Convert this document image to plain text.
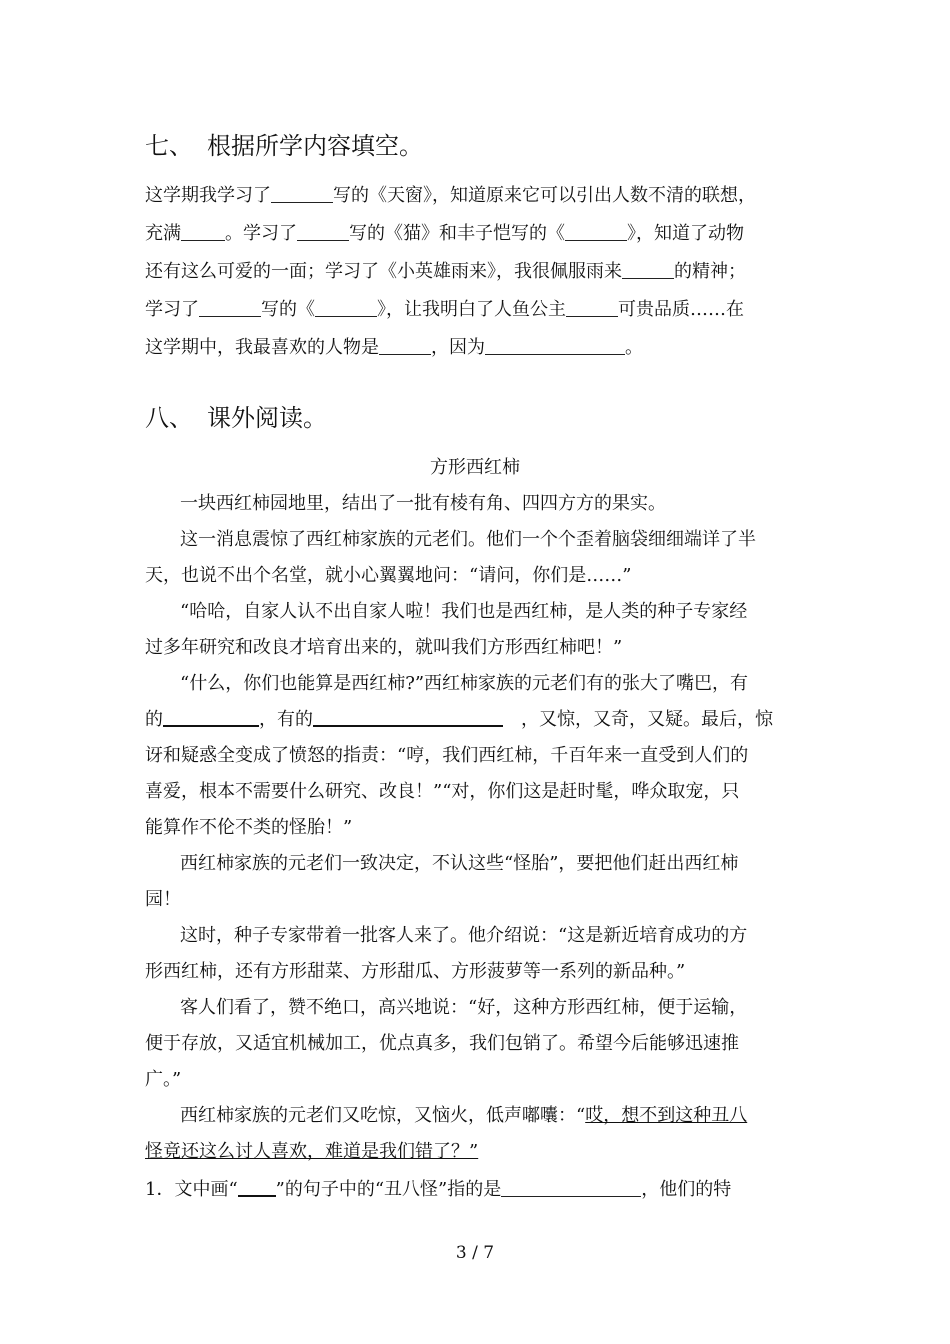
七、 根据所学内容填空。
这学期我学习了	写的《天窗》，知道原来它可以引出人数不清的联想，
充满 。学习了	写的《猫》和丰子恺写的《	》，知道了动物
还有这么可爱的一面；学习了《小英雄雨来》，我很佩服雨来	的精神；
学习了	写的《	》，让我明白了人鱼公主	可贵品质……在
这学期中，我最喜欢的人物是	，因为	。
八、 课外阅读。
方形西红柿
一块西红柿园地里，结出了一批有棱有角、四四方方的果实。
这一消息震惊了西红柿家族的元老们。他们一个个歪着脑袋细细端详了半
天，也说不出个名堂，就小心翼翼地问：“请问，你们是……”
“哈哈，自家人认不出自家人啦！我们也是西红柿，是人类的种子专家经
过多年研究和改良才培育出来的，就叫我们方形西红柿吧！”
“什么，你们也能算是西红柿?”西红柿家族的元老们有的张大了嘴巴，有
的	，有的	，又惊，又奇，又疑。最后，惊
讶和疑惑全变成了愤怒的指责：“哼，我们西红柿，千百年来一直受到人们的
喜爱，根本不需要什么研究、改良！”“对，你们这是赶时髦，哗众取宠，只
能算作不伦不类的怪胎！”
西红柿家族的元老们一致决定，不认这些“怪胎”，要把他们赶出西红柿
园！
这时，种子专家带着一批客人来了。他介绍说：“这是新近培育成功的方
形西红柿，还有方形甜菜、方形甜瓜、方形菠萝等一系列的新品种。”
客人们看了，赞不绝口，高兴地说：“好，这种方形西红柿，便于运输，
便于存放，又适宜机械加工，优点真多，我们包销了。希望今后能够迅速推
广。”
西红柿家族的元老们又吃惊，又恼火，低声嘟囔：“哎，想不到这种丑八
怪竟还这么讨人喜欢，难道是我们错了？”
1．文中画“ ”的句子中的“丑八怪”指的是	，他们的特
3 / 7
